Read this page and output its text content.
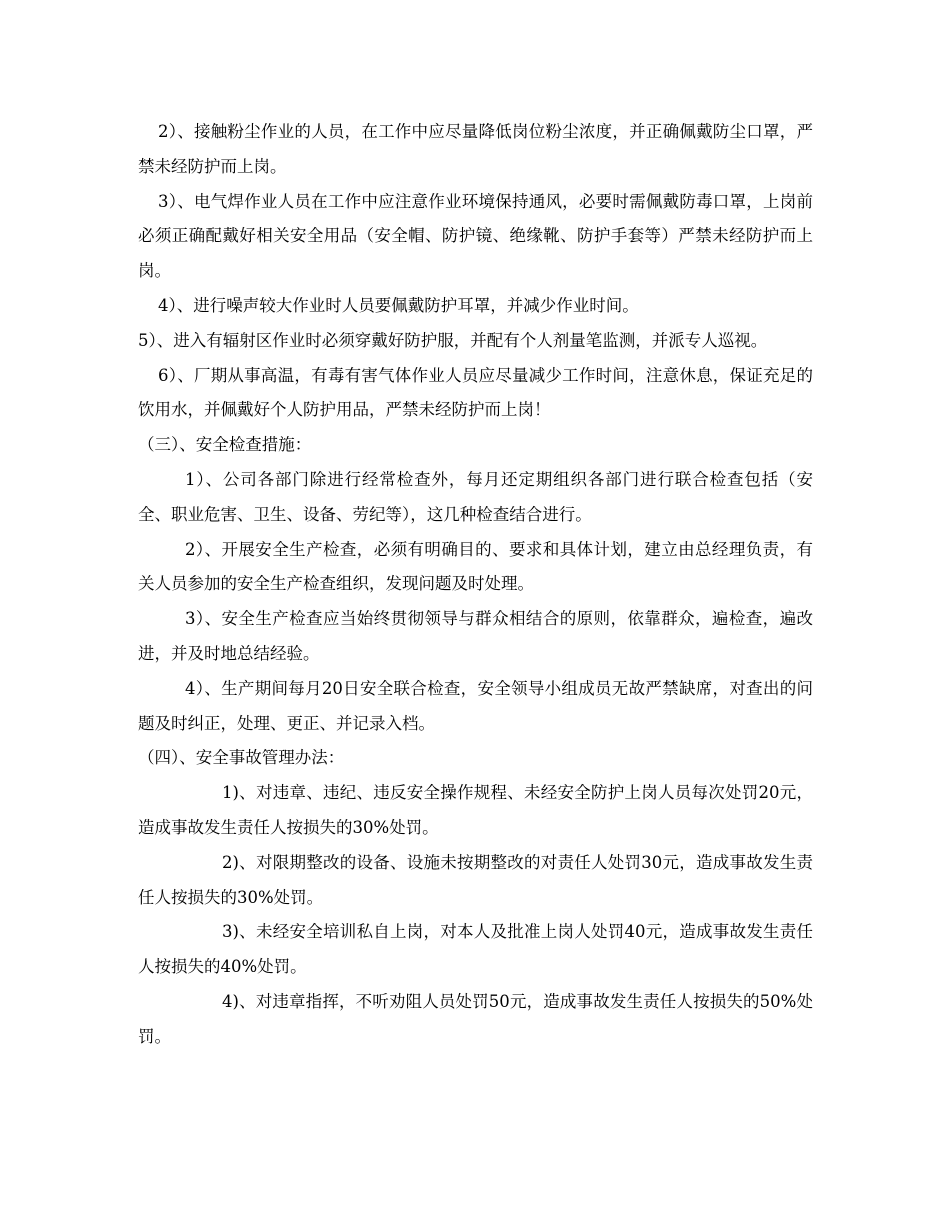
2）、接触粉尘作业的人员，在工作中应尽量降低岗位粉尘浓度，并正确佩戴防尘口罩，严禁未经防护而上岗。

3）、电气焊作业人员在工作中应注意作业环境保持通风，必要时需佩戴防毒口罩，上岗前必须正确配戴好相关安全用品（安全帽、防护镜、绝缘靴、防护手套等）严禁未经防护而上岗。

4）、进行噪声较大作业时人员要佩戴防护耳罩，并减少作业时间。

5）、进入有辐射区作业时必须穿戴好防护服，并配有个人剂量笔监测，并派专人巡视。

6）、厂期从事高温，有毒有害气体作业人员应尽量减少工作时间，注意休息，保证充足的饮用水，并佩戴好个人防护用品，严禁未经防护而上岗！

（三）、安全检查措施：

1）、公司各部门除进行经常检查外，每月还定期组织各部门进行联合检查包括（安全、职业危害、卫生、设备、劳纪等），这几种检查结合进行。

2）、开展安全生产检查，必须有明确目的、要求和具体计划，建立由总经理负责，有关人员参加的安全生产检查组织，发现问题及时处理。

3）、安全生产检查应当始终贯彻领导与群众相结合的原则，依靠群众，遍检查，遍改进，并及时地总结经验。

4）、生产期间每月20日安全联合检查，安全领导小组成员无故严禁缺席，对查出的问题及时纠正，处理、更正、并记录入档。

（四）、安全事故管理办法：

1)、对违章、违纪、违反安全操作规程、未经安全防护上岗人员每次处罚20元，造成事故发生责任人按损失的30%处罚。

2)、对限期整改的设备、设施未按期整改的对责任人处罚30元，造成事故发生责任人按损失的30%处罚。

3)、未经安全培训私自上岗，对本人及批准上岗人处罚40元，造成事故发生责任人按损失的40%处罚。

4)、对违章指挥，不听劝阻人员处罚50元，造成事故发生责任人按损失的50%处罚。
